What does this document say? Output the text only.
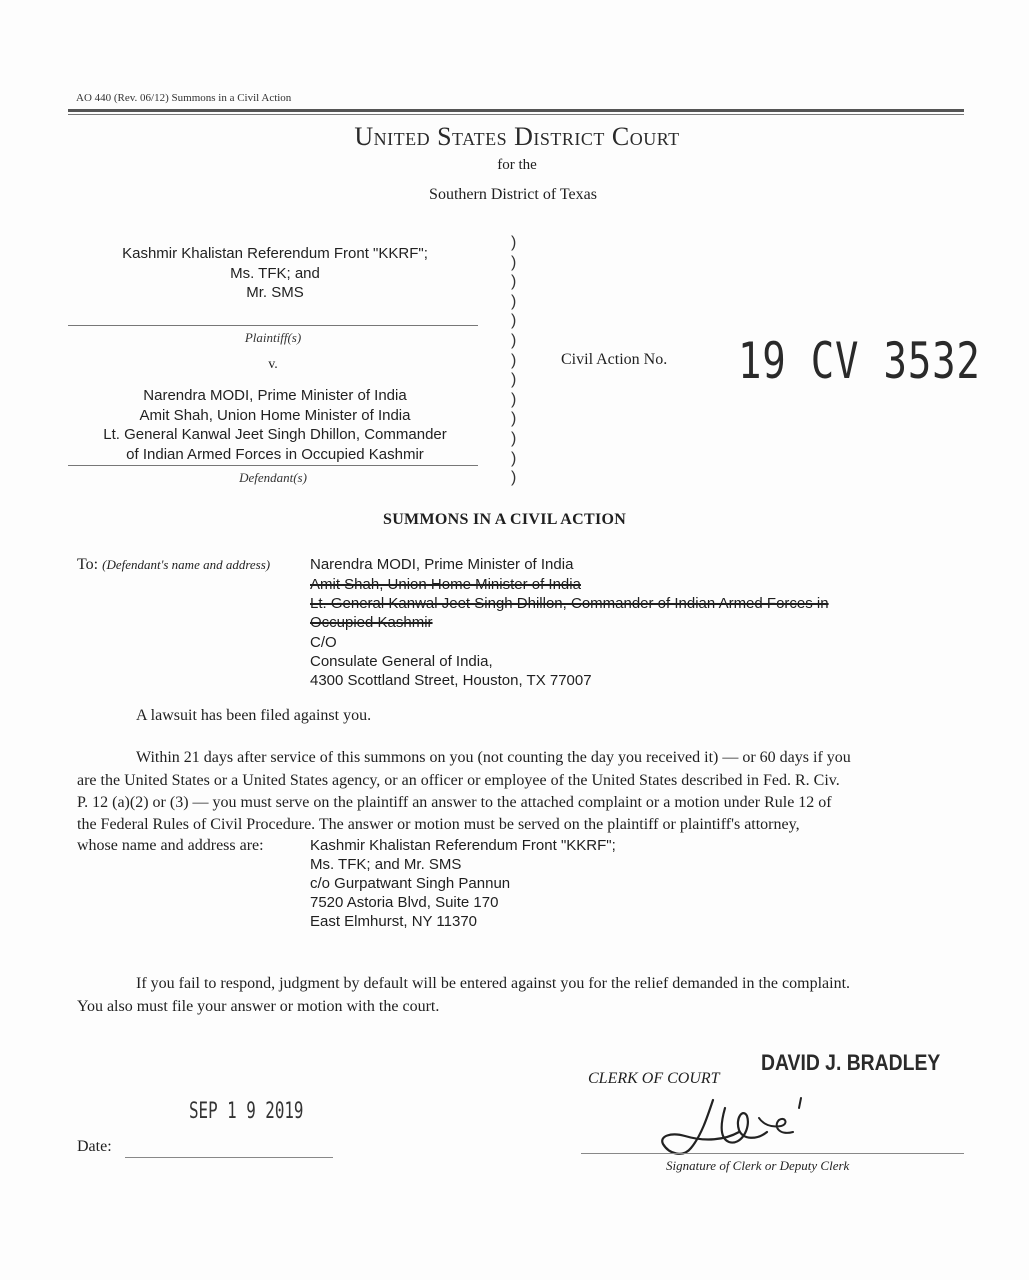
AO 440 (Rev. 06/12) Summons in a Civil Action
United States District Court
for the
Southern District of Texas
Kashmir Khalistan Referendum Front "KKRF";
Ms. TFK; and
Mr. SMS
Plaintiff(s)
v.
Narendra MODI, Prime Minister of India
Amit Shah, Union Home Minister of India
Lt. General Kanwal Jeet Singh Dhillon, Commander
of Indian Armed Forces in Occupied Kashmir
Defendant(s)
)
)
)
)
)
)
)
)
)
)
)
)
)
Civil Action No. 19 CV 3532
SUMMONS IN A CIVIL ACTION
To: (Defendant's name and address)	Narendra MODI, Prime Minister of India
Amit Shah, Union Home Minister of India
Lt. General Kanwal Jeet Singh Dhillon, Commander of Indian Armed Forces in
Occupied Kashmir
C/O
Consulate General of India,
4300 Scottland Street, Houston, TX 77007
A lawsuit has been filed against you.
Within 21 days after service of this summons on you (not counting the day you received it) — or 60 days if you
are the United States or a United States agency, or an officer or employee of the United States described in Fed. R. Civ.
P. 12 (a)(2) or (3) — you must serve on the plaintiff an answer to the attached complaint or a motion under Rule 12 of
the Federal Rules of Civil Procedure. The answer or motion must be served on the plaintiff or plaintiff's attorney,
whose name and address are:	Kashmir Khalistan Referendum Front "KKRF";
Ms. TFK; and Mr. SMS
c/o Gurpatwant Singh Pannun
7520 Astoria Blvd, Suite 170
East Elmhurst, NY 11370
If you fail to respond, judgment by default will be entered against you for the relief demanded in the complaint.
You also must file your answer or motion with the court.
CLERK OF COURT
DAVID J. BRADLEY
SEP 1 9 2019
Date:
Signature of Clerk or Deputy Clerk
